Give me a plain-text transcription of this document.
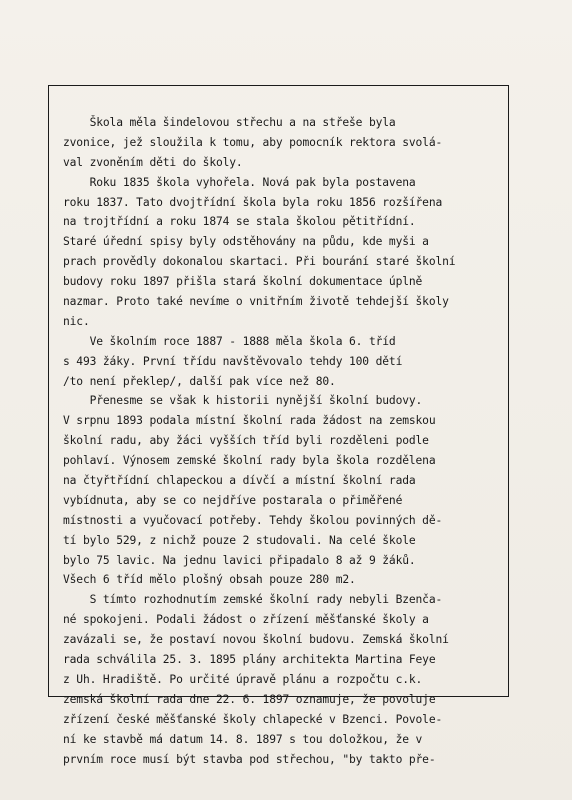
Škola měla šindelovou střechu a na střeše byla
zvonice, jež sloužila k tomu, aby pomocník rektora svolá-
val zvoněním děti do školy.
Roku 1835 škola vyhořela. Nová pak byla postavena
roku 1837. Tato dvojtřídní škola byla roku 1856 rozšířena
na trojtřídní a roku 1874 se stala školou pětitřídní.
Staré úřední spisy byly odstěhovány na půdu, kde myši a
prach provědly dokonalou skartaci. Při bourání staré školní
budovy roku 1897 přišla stará školní dokumentace úplně
nazmar. Proto také nevíme o vnitřním životě tehdejší školy
nic.
Ve školním roce 1887 - 1888 měla škola 6. tříd
s 493 žáky. První třídu navštěvovalo tehdy 100 dětí
/to není překlep/, další pak více než 80.
Přenesme se však k historii nynější školní budovy.
V srpnu 1893 podala místní školní rada žádost na zemskou
školní radu, aby žáci vyšších tříd byli rozděleni podle
pohlaví. Výnosem zemské školní rady byla škola rozdělena
na čtyřtřídní chlapeckou a dívčí a místní školní rada
vybídnuta, aby se co nejdříve postarala o přiměřené
místnosti a vyučovací potřeby. Tehdy školou povinných dě-
tí bylo 529, z nichž pouze 2 studovali. Na celé škole
bylo 75 lavic. Na jednu lavici připadalo 8 až 9 žáků.
Všech 6 tříd mělo plošný obsah pouze 280 m2.
S tímto rozhodnutím zemské školní rady nebyli Bzenča-
né spokojeni. Podali žádost o zřízení měšťanské školy a
zavázali se, že postaví novou školní budovu. Zemská školní
rada schválila 25. 3. 1895 plány architekta Martina Feye
z Uh. Hradiště. Po určité úpravě plánu a rozpočtu c.k.
zemská školní rada dne 22. 6. 1897 oznamuje, že povoluje
zřízení české měšťanské školy chlapecké v Bzenci. Povole-
ní ke stavbě má datum 14. 8. 1897 s tou doložkou, že v
prvním roce musí být stavba pod střechou, "by takto pře-
